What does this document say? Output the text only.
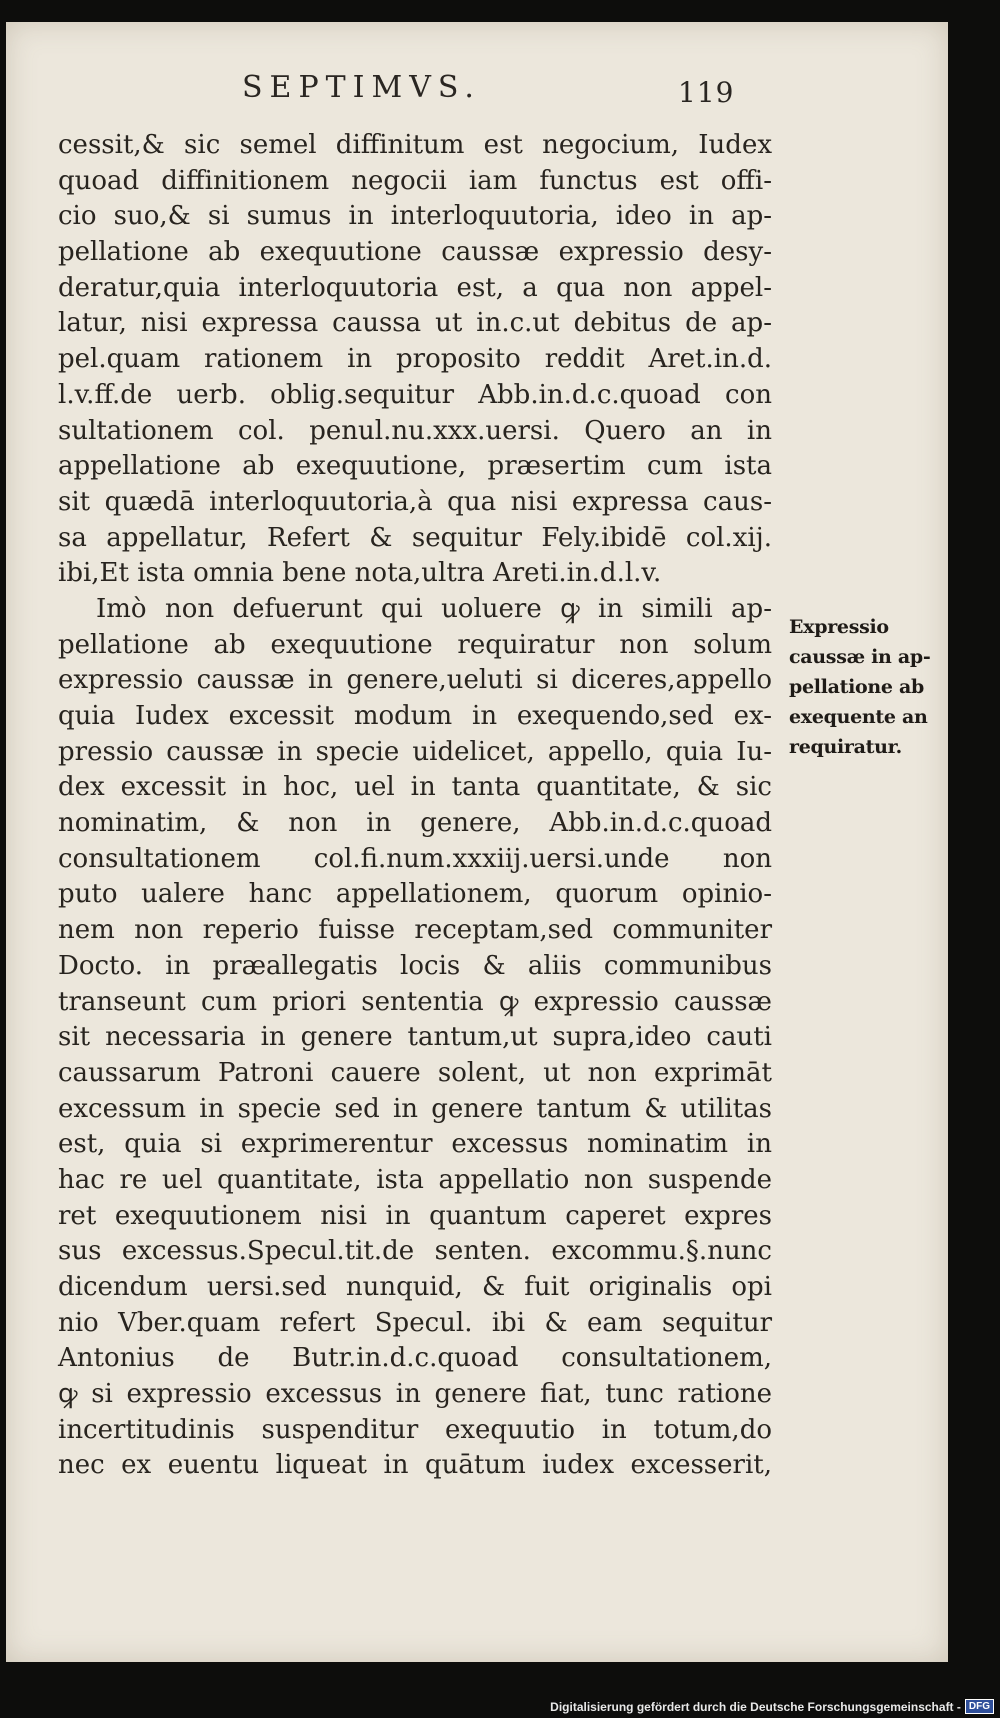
SEPTIMVS.	119
cessit,& sic semel diffinitum est negocium, Iudex
quoad diffinitionem negocii iam functus est offi-
cio suo,& si sumus in interloquutoria, ideo in ap-
pellatione ab exequutione caussæ expressio desy-
deratur,quia interloquutoria est, a qua non appel-
latur, nisi expressa caussa ut in.c.ut debitus de ap-
pel.quam rationem in proposito reddit Aret.in.d.
l.v.ff.de uerb. oblig.sequitur Abb.in.d.c.quoad con
sultationem col. penul.nu.xxx.uersi. Quero an in
appellatione ab exequutione, præsertim cum ista
sit quædā interloquutoria,à qua nisi expressa caus-
sa appellatur, Refert & sequitur Fely.ibidē col.xij.
ibi,Et ista omnia bene nota,ultra Areti.in.d.l.v.
Imò non defuerunt qui uoluere ꝙ in simili ap-
pellatione ab exequutione requiratur non solum
expressio caussæ in genere,ueluti si diceres,appello
quia Iudex excessit modum in exequendo,sed ex-
pressio caussæ in specie uidelicet, appello, quia Iu-
dex excessit in hoc, uel in tanta quantitate, & sic
nominatim, & non in genere, Abb.in.d.c.quoad
consultationem col.fi.num.xxxiij.uersi.unde non
puto ualere hanc appellationem, quorum opinio-
nem non reperio fuisse receptam,sed communiter
Docto. in præallegatis locis & aliis communibus
transeunt cum priori sententia ꝙ expressio caussæ
sit necessaria in genere tantum,ut supra,ideo cauti
caussarum Patroni cauere solent, ut non exprimāt
excessum in specie sed in genere tantum & utilitas
est, quia si exprimerentur excessus nominatim in
hac re uel quantitate, ista appellatio non suspende
ret exequutionem nisi in quantum caperet expres
sus excessus.Specul.tit.de senten. excommu.§.nunc
dicendum uersi.sed nunquid, & fuit originalis opi
nio Vber.quam refert Specul. ibi & eam sequitur
Antonius de Butr.in.d.c.quoad consultationem,
ꝙ si expressio excessus in genere fiat, tunc ratione
incertitudinis suspenditur exequutio in totum,do
nec ex euentu liqueat in quātum iudex excesserit,
Expressio
caussæ in ap-
pellatione ab
exequente an
requiratur.
Digitalisierung gefördert durch die Deutsche Forschungsgemeinschaft - DFG
